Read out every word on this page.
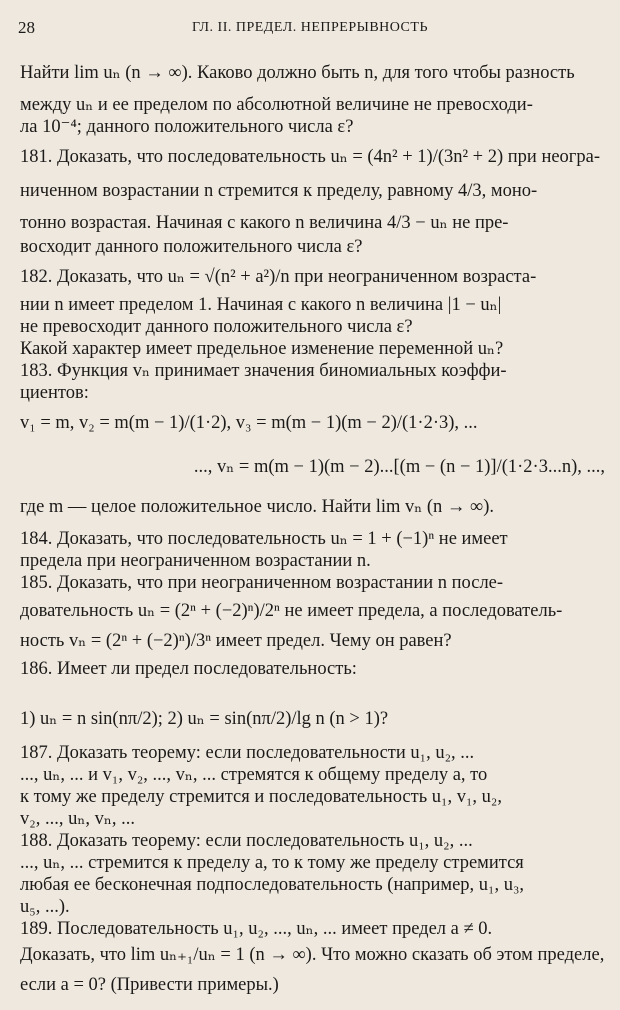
28	ГЛ. II. ПРЕДЕЛ. НЕПРЕРЫВНОСТЬ
Найти lim uₙ (n → ∞). Каково должно быть n, для того чтобы разность
между uₙ и ее пределом по абсолютной величине не превосходи-
ла 10⁻⁴; данного положительного числа ε?
181. Доказать, что последовательность uₙ = (4n² + 1)/(3n² + 2) при неогра-
ниченном возрастании n стремится к пределу, равному 4/3, моно-
тонно возрастая. Начиная с какого n величина 4/3 − uₙ не пре-
восходит данного положительного числа ε?
182. Доказать, что uₙ = √(n² + a²)/n при неограниченном возраста-
нии n имеет пределом 1. Начиная с какого n величина |1 − uₙ|
не превосходит данного положительного числа ε?
Какой характер имеет предельное изменение переменной uₙ?
183. Функция vₙ принимает значения биномиальных коэффи-
циентов:
v₁ = m, v₂ = m(m − 1)/(1·2), v₃ = m(m − 1)(m − 2)/(1·2·3), ...
..., vₙ = m(m − 1)(m − 2)...[(m − (n − 1)]/(1·2·3...n), ...,
где m — целое положительное число. Найти lim vₙ (n → ∞).
184. Доказать, что последовательность uₙ = 1 + (−1)ⁿ не имеет
предела при неограниченном возрастании n.
185. Доказать, что при неограниченном возрастании n после-
довательность uₙ = (2ⁿ + (−2)ⁿ)/2ⁿ не имеет предела, а последователь-
ность vₙ = (2ⁿ + (−2)ⁿ)/3ⁿ имеет предел. Чему он равен?
186. Имеет ли предел последовательность:
1) uₙ = n sin(nπ/2); 2) uₙ = sin(nπ/2)/lg n (n > 1)?
187. Доказать теорему: если последовательности u₁, u₂, ...
..., uₙ, ... и v₁, v₂, ..., vₙ, ... стремятся к общему пределу a, то
к тому же пределу стремится и последовательность u₁, v₁, u₂,
v₂, ..., uₙ, vₙ, ...
188. Доказать теорему: если последовательность u₁, u₂, ...
..., uₙ, ... стремится к пределу a, то к тому же пределу стремится
любая ее бесконечная подпоследовательность (например, u₁, u₃,
u₅, ...).
189. Последовательность u₁, u₂, ..., uₙ, ... имеет предел a ≠ 0.
Доказать, что lim uₙ₊₁/uₙ = 1 (n → ∞). Что можно сказать об этом пределе,
если a = 0? (Привести примеры.)
